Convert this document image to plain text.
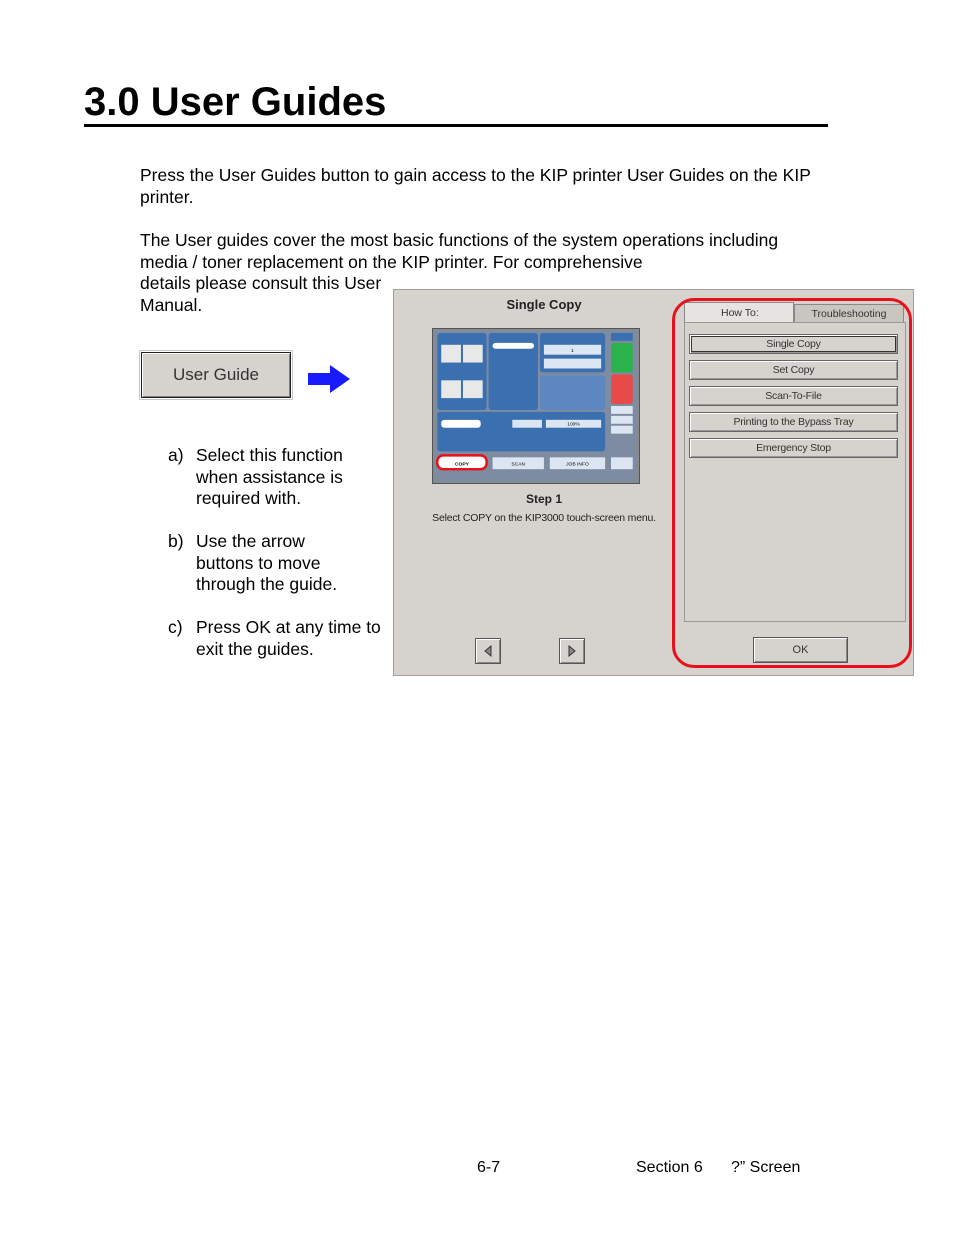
3.0 User Guides
Press the User Guides button to gain access to the KIP printer User Guides on the KIP printer.
The User guides cover the most basic functions of the system operations including media / toner replacement on the KIP printer. For comprehensive
details please consult this User Manual.
User Guide
a) Select this function when assistance is required with.
b) Use the arrow buttons to move through the guide.
c) Press OK at any time to exit the guides.
Single Copy
COPY	SCAN	JOB INFO
100%
1
Step 1
Select COPY on the KIP3000 touch-screen menu.
How To:	Troubleshooting
Single Copy
Set Copy
Scan-To-File
Printing to the Bypass Tray
Emergency Stop
OK
6-7	Section 6 ?” Screen
